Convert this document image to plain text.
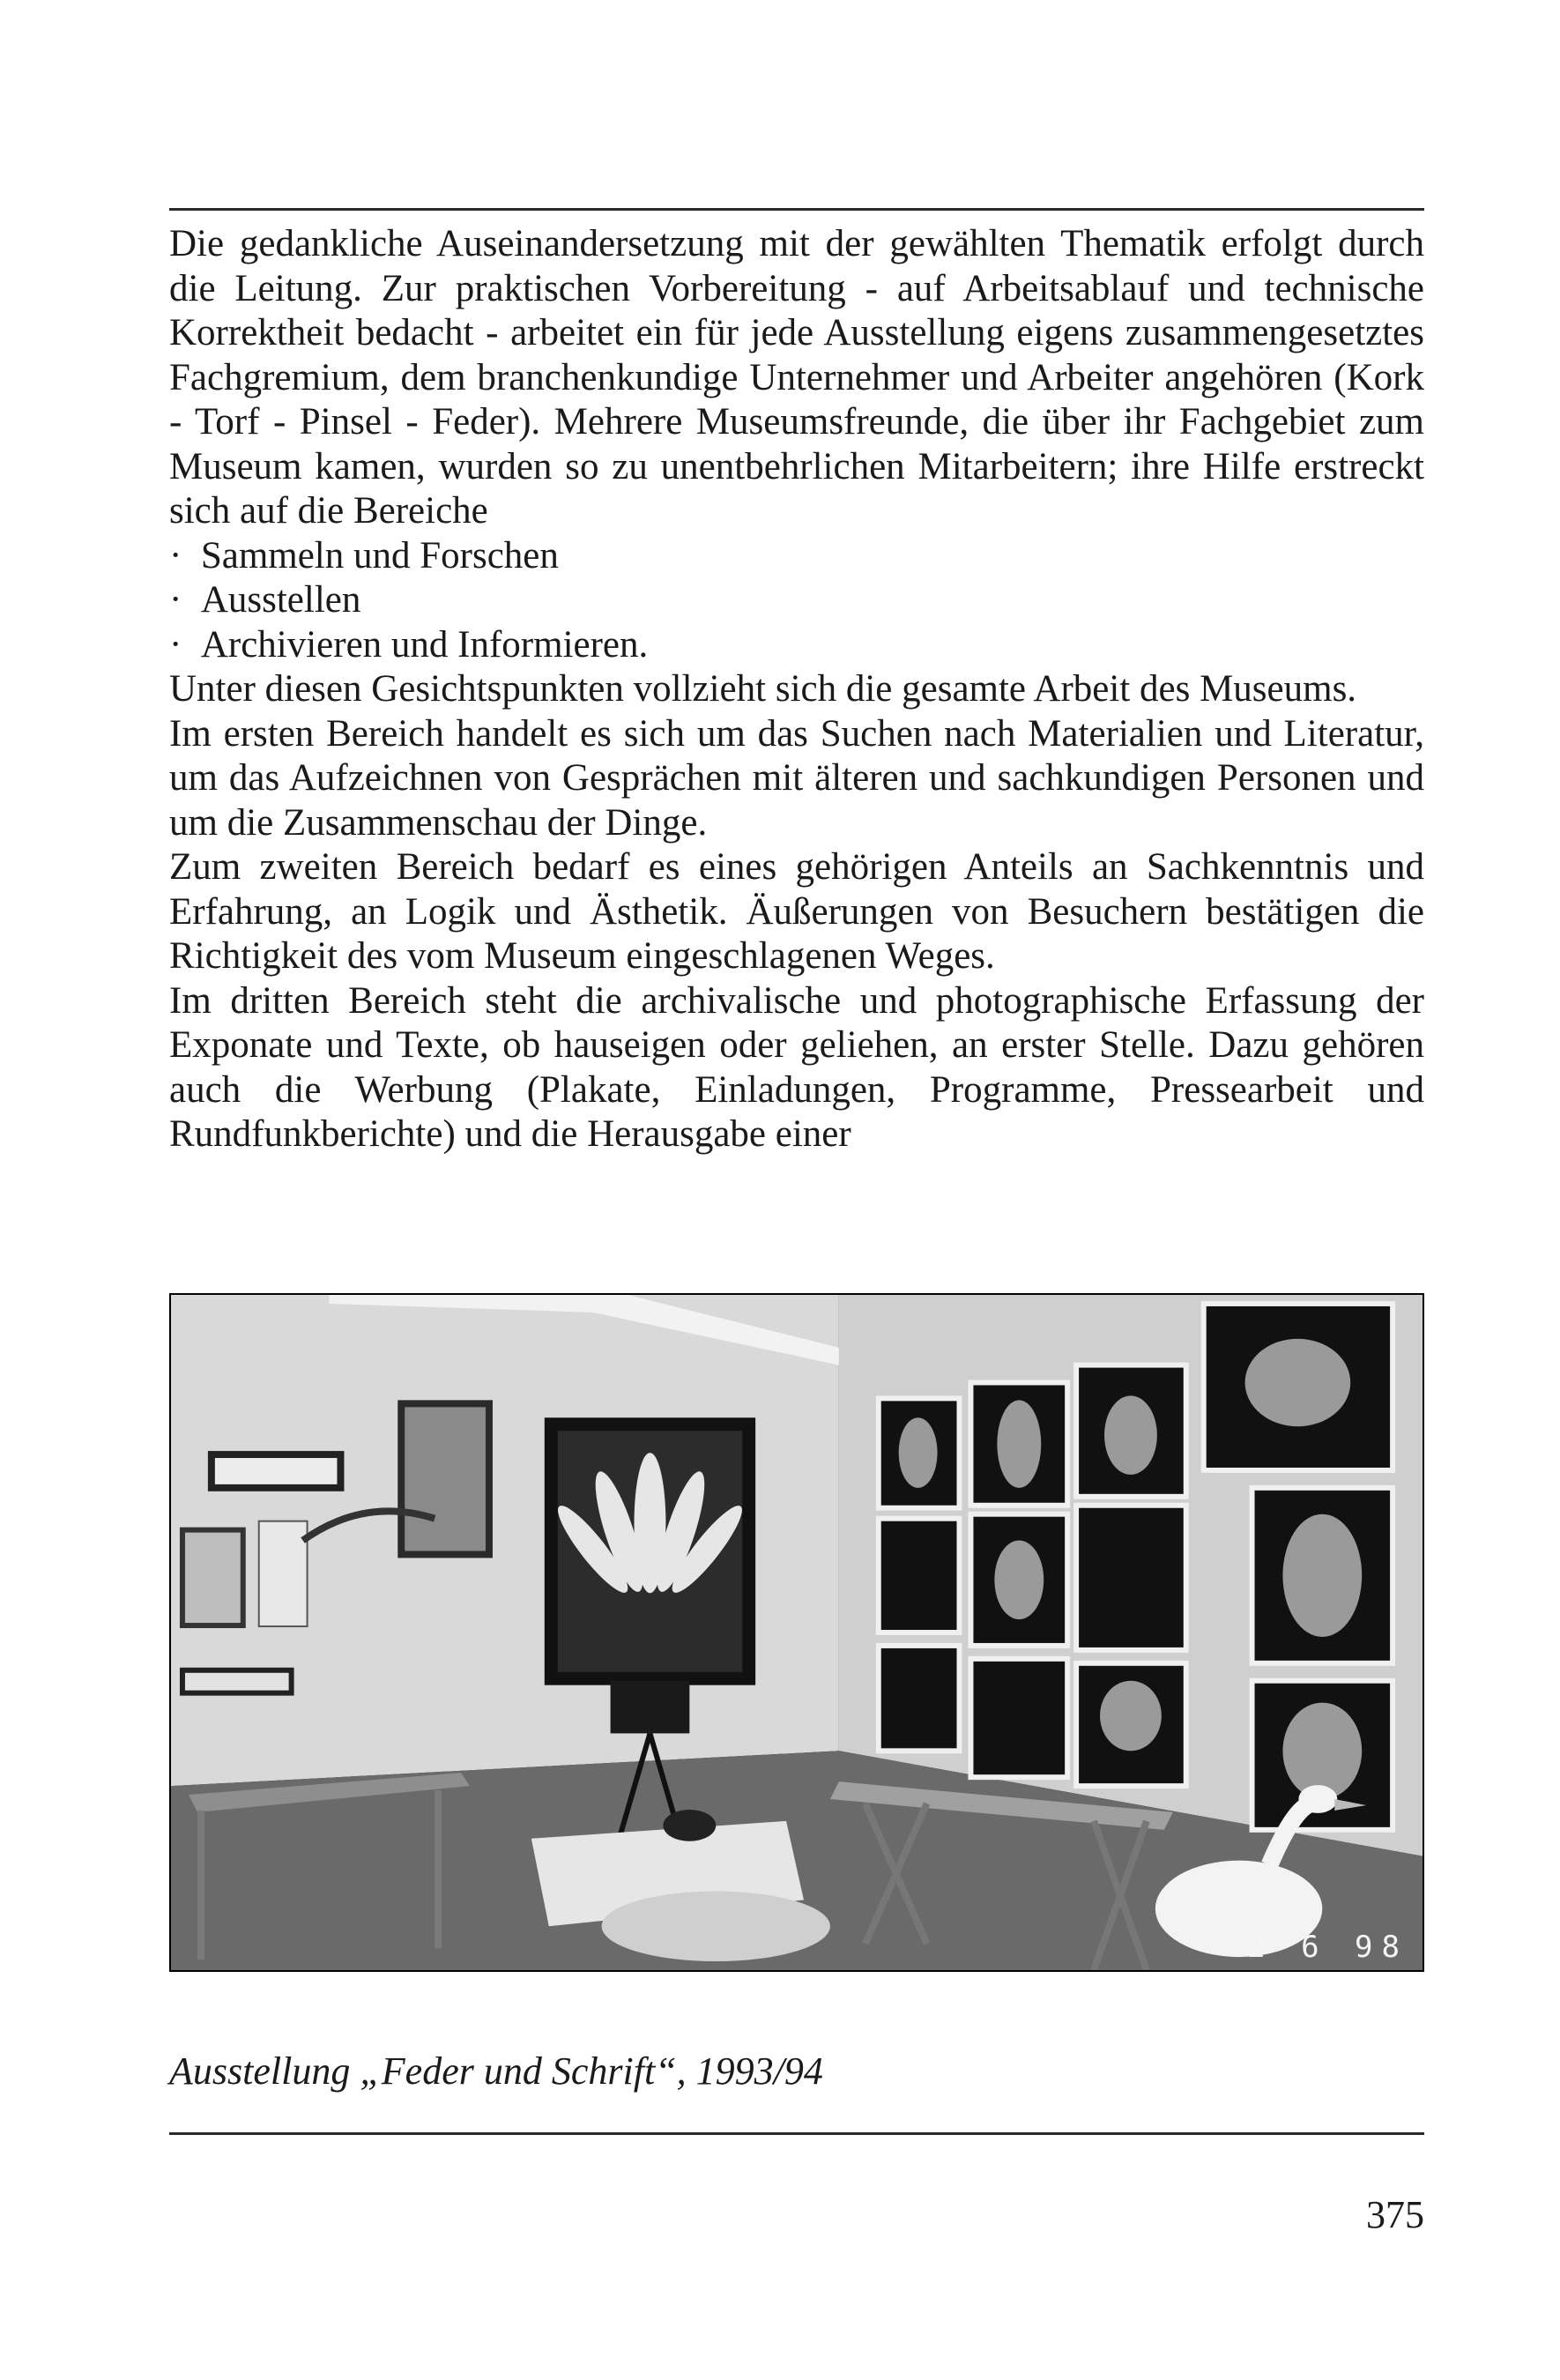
Die gedankliche Auseinandersetzung mit der gewählten Thematik erfolgt durch die Leitung. Zur praktischen Vorbereitung - auf Arbeitsablauf und technische Korrektheit bedacht - arbeitet ein für jede Ausstellung eigens zusammengesetztes Fachgremium, dem branchenkundige Unternehmer und Arbeiter angehören (Kork - Torf - Pinsel - Feder). Mehrere Museumsfreunde, die über ihr Fachgebiet zum Museum kamen, wurden so zu unentbehrlichen Mitarbeitern; ihre Hilfe erstreckt sich auf die Bereiche

·  Sammeln und Forschen
·  Ausstellen
·  Archivieren und Informieren.

Unter diesen Gesichtspunkten vollzieht sich die gesamte Arbeit des Museums.

Im ersten Bereich handelt es sich um das Suchen nach Materialien und Literatur, um das Aufzeichnen von Gesprächen mit älteren und sachkundigen Personen und um die Zusammenschau der Dinge.

Zum zweiten Bereich bedarf es eines gehörigen Anteils an Sachkenntnis und Erfahrung, an Logik und Ästhetik. Äußerungen von Besuchern bestätigen die Richtigkeit des vom Museum eingeschlagenen Weges.

Im dritten Bereich steht die archivalische und photographische Erfassung der Exponate und Texte, ob hauseigen oder geliehen, an erster Stelle. Dazu gehören auch die Werbung (Plakate, Einladungen, Programme, Pressearbeit und Rundfunkberichte) und die Herausgabe einer

2 6 98
Ausstellung „Feder und Schrift“, 1993/94
375
